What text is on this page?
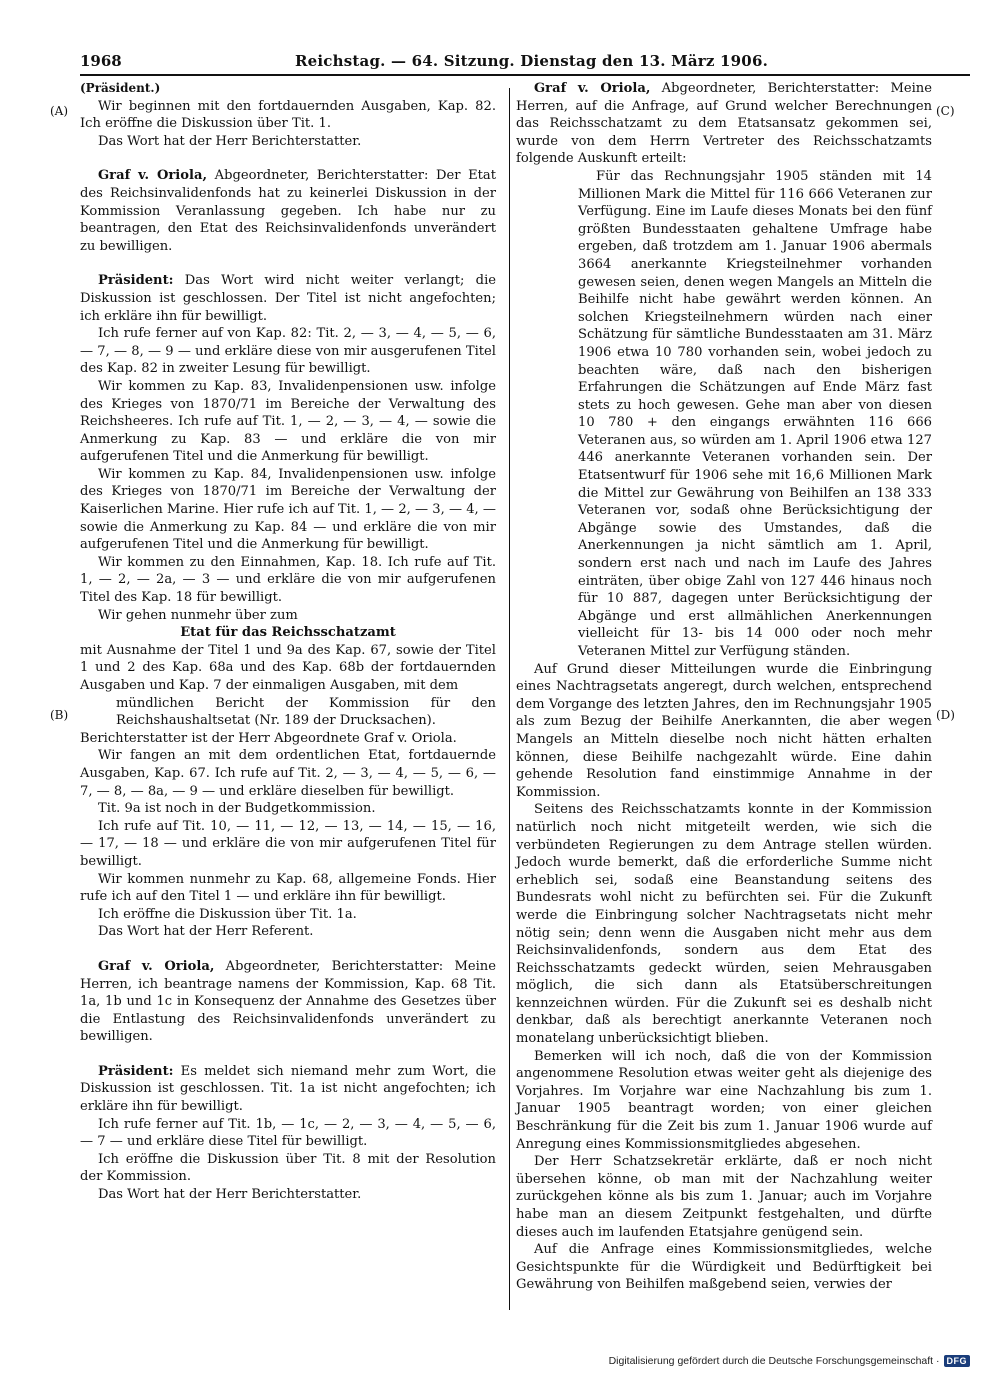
1968	Reichstag. — 64. Sitzung. Dienstag den 13. März 1906.
(A)
(B)
(C)
(D)

(Präsident.)

Wir beginnen mit den fortdauernden Ausgaben, Kap. 82. Ich eröffne die Diskussion über Tit. 1.

Das Wort hat der Herr Berichterstatter.

Graf v. Oriola, Abgeordneter, Berichterstatter: Der Etat des Reichsinvalidenfonds hat zu keinerlei Diskussion in der Kommission Veranlassung gegeben. Ich habe nur zu beantragen, den Etat des Reichsinvalidenfonds unverändert zu bewilligen.

Präsident: Das Wort wird nicht weiter verlangt; die Diskussion ist geschlossen. Der Titel ist nicht angefochten; ich erkläre ihn für bewilligt.

Ich rufe ferner auf von Kap. 82: Tit. 2, — 3, — 4, — 5, — 6, — 7, — 8, — 9 — und erkläre diese von mir ausgerufenen Titel des Kap. 82 in zweiter Lesung für bewilligt.

Wir kommen zu Kap. 83, Invalidenpensionen usw. infolge des Krieges von 1870/71 im Bereiche der Verwaltung des Reichsheeres. Ich rufe auf Tit. 1, — 2, — 3, — 4, — sowie die Anmerkung zu Kap. 83 — und erkläre die von mir aufgerufenen Titel und die Anmerkung für bewilligt.

Wir kommen zu Kap. 84, Invalidenpensionen usw. infolge des Krieges von 1870/71 im Bereiche der Verwaltung der Kaiserlichen Marine. Hier rufe ich auf Tit. 1, — 2, — 3, — 4, — sowie die Anmerkung zu Kap. 84 — und erkläre die von mir aufgerufenen Titel und die Anmerkung für bewilligt.

Wir kommen zu den Einnahmen, Kap. 18. Ich rufe auf Tit. 1, — 2, — 2a, — 3 — und erkläre die von mir aufgerufenen Titel des Kap. 18 für bewilligt.

Wir gehen nunmehr über zum

Etat für das Reichsschatzamt

mit Ausnahme der Titel 1 und 9a des Kap. 67, sowie der Titel 1 und 2 des Kap. 68a und des Kap. 68b der fortdauernden Ausgaben und Kap. 7 der einmaligen Ausgaben, mit dem

mündlichen Bericht der Kommission für den Reichshaushaltsetat (Nr. 189 der Drucksachen).

Berichterstatter ist der Herr Abgeordnete Graf v. Oriola.

Wir fangen an mit dem ordentlichen Etat, fortdauernde Ausgaben, Kap. 67. Ich rufe auf Tit. 2, — 3, — 4, — 5, — 6, — 7, — 8, — 8a, — 9 — und erkläre dieselben für bewilligt.

Tit. 9a ist noch in der Budgetkommission.

Ich rufe auf Tit. 10, — 11, — 12, — 13, — 14, — 15, — 16, — 17, — 18 — und erkläre die von mir aufgerufenen Titel für bewilligt.

Wir kommen nunmehr zu Kap. 68, allgemeine Fonds. Hier rufe ich auf den Titel 1 — und erkläre ihn für bewilligt.

Ich eröffne die Diskussion über Tit. 1a.

Das Wort hat der Herr Referent.

Graf v. Oriola, Abgeordneter, Berichterstatter: Meine Herren, ich beantrage namens der Kommission, Kap. 68 Tit. 1a, 1b und 1c in Konsequenz der Annahme des Gesetzes über die Entlastung des Reichsinvalidenfonds unverändert zu bewilligen.

Präsident: Es meldet sich niemand mehr zum Wort, die Diskussion ist geschlossen. Tit. 1a ist nicht angefochten; ich erkläre ihn für bewilligt.

Ich rufe ferner auf Tit. 1b, — 1c, — 2, — 3, — 4, — 5, — 6, — 7 — und erkläre diese Titel für bewilligt.

Ich eröffne die Diskussion über Tit. 8 mit der Resolution der Kommission.

Das Wort hat der Herr Berichterstatter.

Graf v. Oriola, Abgeordneter, Berichterstatter: Meine Herren, auf die Anfrage, auf Grund welcher Berechnungen das Reichsschatzamt zu dem Etatsansatz gekommen sei, wurde von dem Herrn Vertreter des Reichsschatzamts folgende Auskunft erteilt:

Für das Rechnungsjahr 1905 ständen mit 14 Millionen Mark die Mittel für 116 666 Veteranen zur Verfügung. Eine im Laufe dieses Monats bei den fünf größten Bundesstaaten gehaltene Umfrage habe ergeben, daß trotzdem am 1. Januar 1906 abermals 3664 anerkannte Kriegsteilnehmer vorhanden gewesen seien, denen wegen Mangels an Mitteln die Beihilfe nicht habe gewährt werden können. An solchen Kriegsteilnehmern würden nach einer Schätzung für sämtliche Bundesstaaten am 31. März 1906 etwa 10 780 vorhanden sein, wobei jedoch zu beachten wäre, daß nach den bisherigen Erfahrungen die Schätzungen auf Ende März fast stets zu hoch gewesen. Gehe man aber von diesen 10 780 + den eingangs erwähnten 116 666 Veteranen aus, so würden am 1. April 1906 etwa 127 446 anerkannte Veteranen vorhanden sein. Der Etatsentwurf für 1906 sehe mit 16,6 Millionen Mark die Mittel zur Gewährung von Beihilfen an 138 333 Veteranen vor, sodaß ohne Berücksichtigung der Abgänge sowie des Umstandes, daß die Anerkennungen ja nicht sämtlich am 1. April, sondern erst nach und nach im Laufe des Jahres einträten, über obige Zahl von 127 446 hinaus noch für 10 887, dagegen unter Berücksichtigung der Abgänge und erst allmählichen Anerkennungen vielleicht für 13- bis 14 000 oder noch mehr Veteranen Mittel zur Verfügung ständen.

Auf Grund dieser Mitteilungen wurde die Einbringung eines Nachtragsetats angeregt, durch welchen, entsprechend dem Vorgange des letzten Jahres, den im Rechnungsjahr 1905 als zum Bezug der Beihilfe Anerkannten, die aber wegen Mangels an Mitteln dieselbe noch nicht hätten erhalten können, diese Beihilfe nachgezahlt würde. Eine dahin gehende Resolution fand einstimmige Annahme in der Kommission.

Seitens des Reichsschatzamts konnte in der Kommission natürlich noch nicht mitgeteilt werden, wie sich die verbündeten Regierungen zu dem Antrage stellen würden. Jedoch wurde bemerkt, daß die erforderliche Summe nicht erheblich sei, sodaß eine Beanstandung seitens des Bundesrats wohl nicht zu befürchten sei. Für die Zukunft werde die Einbringung solcher Nachtragsetats nicht mehr nötig sein; denn wenn die Ausgaben nicht mehr aus dem Reichsinvalidenfonds, sondern aus dem Etat des Reichsschatzamts gedeckt würden, seien Mehrausgaben möglich, die sich dann als Etatsüberschreitungen kennzeichnen würden. Für die Zukunft sei es deshalb nicht denkbar, daß als berechtigt anerkannte Veteranen noch monatelang unberücksichtigt blieben.

Bemerken will ich noch, daß die von der Kommission angenommene Resolution etwas weiter geht als diejenige des Vorjahres. Im Vorjahre war eine Nachzahlung bis zum 1. Januar 1905 beantragt worden; von einer gleichen Beschränkung für die Zeit bis zum 1. Januar 1906 wurde auf Anregung eines Kommissionsmitgliedes abgesehen.

Der Herr Schatzsekretär erklärte, daß er noch nicht übersehen könne, ob man mit der Nachzahlung weiter zurückgehen könne als bis zum 1. Januar; auch im Vorjahre habe man an diesem Zeitpunkt festgehalten, und dürfte dieses auch im laufenden Etatsjahre genügend sein.

Auf die Anfrage eines Kommissionsmitgliedes, welche Gesichtspunkte für die Würdigkeit und Bedürftigkeit bei Gewährung von Beihilfen maßgebend seien, verwies der

Digitalisierung gefördert durch die Deutsche Forschungsgemeinschaft · DFG
